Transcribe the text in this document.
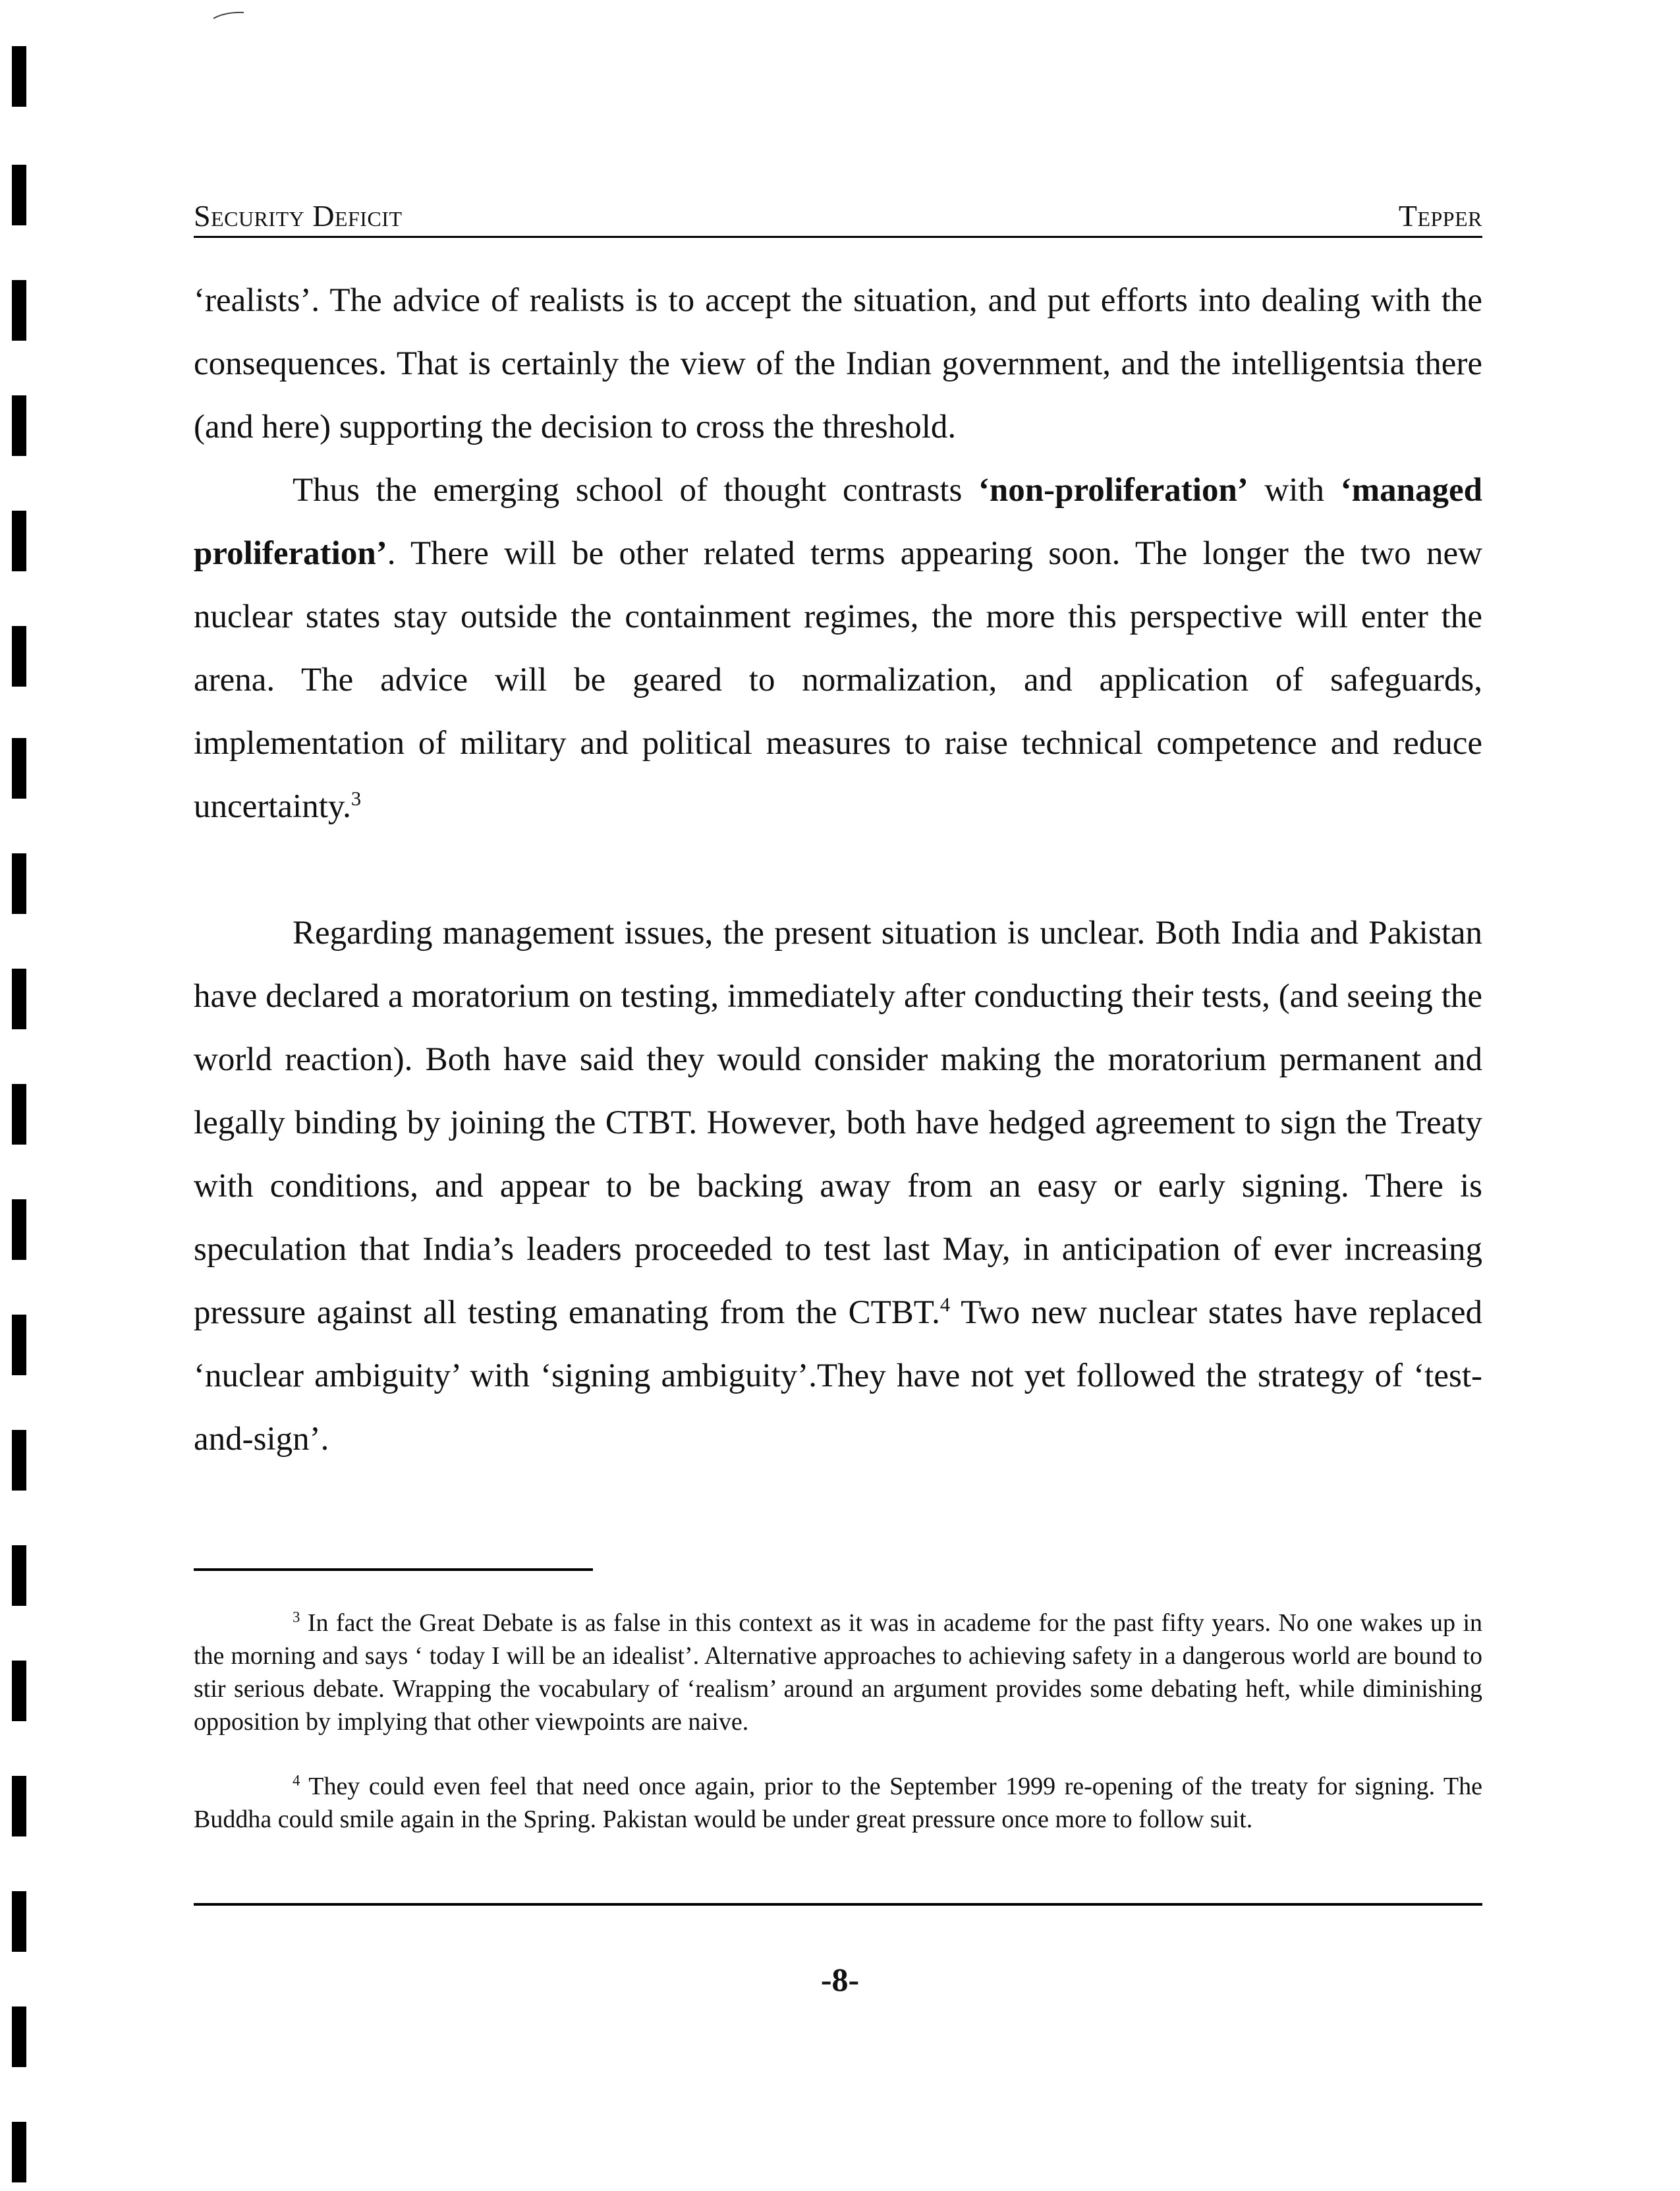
Security Deficit	Tepper

‘realists’. The advice of realists is to accept the situation, and put efforts into dealing with the consequences. That is certainly the view of the Indian government, and the intelligentsia there (and here) supporting the decision to cross the threshold.

Thus the emerging school of thought contrasts ‘non-proliferation’ with ‘managed proliferation’. There will be other related terms appearing soon. The longer the two new nuclear states stay outside the containment regimes, the more this perspective will enter the arena. The advice will be geared to normalization, and application of safeguards, implementation of military and political measures to raise technical competence and reduce uncertainty.$^3$

Regarding management issues, the present situation is unclear. Both India and Pakistan have declared a moratorium on testing, immediately after conducting their tests, (and seeing the world reaction). Both have said they would consider making the moratorium permanent and legally binding by joining the CTBT. However, both have hedged agreement to sign the Treaty with conditions, and appear to be backing away from an easy or early signing. There is speculation that India’s leaders proceeded to test last May, in anticipation of ever increasing pressure against all testing emanating from the CTBT.$^4$ Two new nuclear states have replaced ‘nuclear ambiguity’ with ‘signing ambiguity’.They have not yet followed the strategy of ‘test-and-sign’.

$^3$ In fact the Great Debate is as false in this context as it was in academe for the past fifty years. No one wakes up in the morning and says ‘ today I will be an idealist’. Alternative approaches to achieving safety in a dangerous world are bound to stir serious debate. Wrapping the vocabulary of ‘realism’ around an argument provides some debating heft, while diminishing opposition by implying that other viewpoints are naive.

$^4$ They could even feel that need once again, prior to the September 1999 re-opening of the treaty for signing. The Buddha could smile again in the Spring. Pakistan would be under great pressure once more to follow suit.

-8-
